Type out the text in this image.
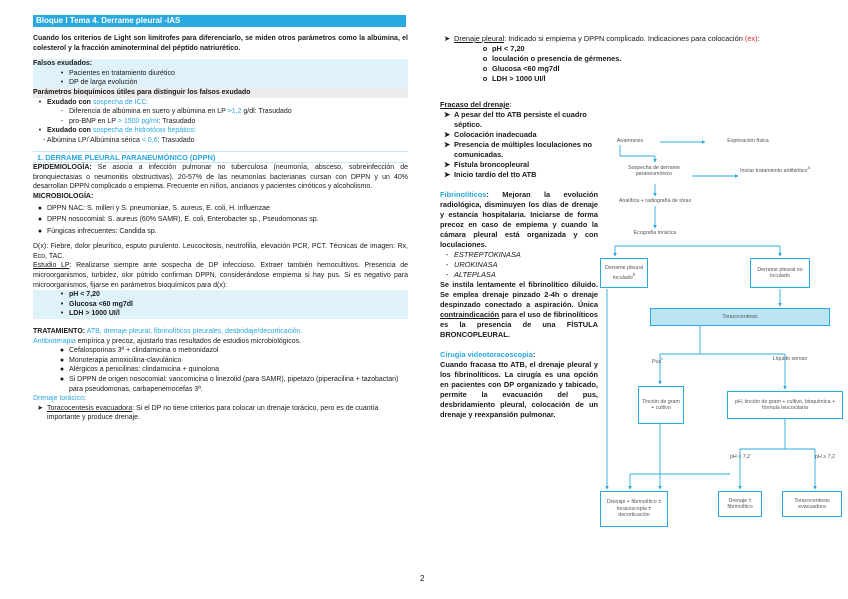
Bloque I Tema 4. Derrame pleural -IAS

Cuando los criterios de Light son limítrofes para diferenciarlo, se miden otros parámetros como la albúmina, el colesterol y la fracción aminoterminal del péptido natriurético.

Falsos exudados:
• Pacientes en tratamiento diurético
• DP de larga evolución
Parámetros bioquímicos útiles para distinguir los falsos exudado
• Exudado con sospecha de ICC:
- Diferencia de albúmina en suero y albúmina en LP >1,2 g/dl: Trasudado
- pro-BNP en LP > 1500 pg/ml: Trasudado
• Exudado con sospecha de hidrotórax hepático:
- Albúmina LP/ Albúmina sérica < 0,6: Trasudado
1. DERRAME PLEURAL PARANEUMÓNICO (DPPN)

EPIDEMIOLOGÍA: Se asocia a infección pulmonar no tuberculosa (neumonía, absceso, sobreinfección de bronquiectasias o neumonitis obstructivas). 20-57% de las neumonías bacterianas cursan con DPPN y un 40% desarrollan DPPN complicado o empiema. Frecuente en niños, ancianos y pacientes cirróticos y alcoholismo.

MICROBIOLOGÍA:
● DPPN NAC: S. milleri y S. pneumoniae, S. aureus, E. coli, H. influenzae
● DPPN nosocomial: S. aureus (60% SAMR), E. coli, Enterobacter sp., Pseudomonas sp.
● Fúngicas infrecuentes: Candida sp.

D(x): Fiebre, dolor pleurítico, esputo purulento. Leucocitosis, neutrofilia, elevación PCR, PCT. Técnicas de imagen: Rx, Eco, TAC.

Estudio LP: Realizarse siempre ante sospecha de DP infeccioso. Extraer también hemocultivos. Presencia de microorganismos, turbidez, olor pútrido confirman DPPN, considerándose empiema si hay pus. Si es negativo para microorganismos, fijarse en parámetros bioquímicos para d(x):

• pH < 7,20
• Glucosa <60 mg7dl
• LDH > 1000 UI/l

TRATAMIENTO: ATB, drenaje pleural, fibrinolíticos pleurales, desbridaje/decorticación.

Antibioterapia empírica y precoz, ajustarlo tras resultados de estudios microbiológicos.

● Cefalosporinas 3ª + clindamicina o metronidazol
● Monoterapia amoxicilina-clavulánico
● Alérgicos a penicilinas: clindamicina + quinolona
● Si DPPN de origen nosocomial: vancomicina o linezolid (para SAMR), pipetazo (piperacilina + tazobactan) para pseudomonas, carbapenemocefas 3ª.
Drenaje torácico:
➤ Toracocentesis evacuadora: Si el DP no tiene criterios para colocar un drenaje torácico, pero es de cuantía importante y produce drenaje.
➤ Drenaje pleural: Indicado si empiema y DPPN complicado. Indicaciones para colocación (ex):
o pH < 7,20
o loculación o presencia de gérmenes.
o Glucosa <60 mg7dl
o LDH > 1000 UI/l
Fracaso del drenaje:
➤ A pesar del tto ATB persiste el cuadro séptico.
➤ Colocación inadecuada
➤ Presencia de múltiples loculaciones no comunicadas.
➤ Fístula broncopleural
➤ Inicio tardío del tto ATB

Fibrinolíticos: Mejoran la evolución radiológica, disminuyen los días de drenaje y estancia hospitalaria. Iniciarse de forma precoz en caso de empiema y cuando la cámara pleural está organizada y con loculaciones.

- ESTREPTOKINASA
- UROKINASA
- ALTEPLASA

Se instila lentamente el fibrinolítico diluido. Se emplea drenaje pinzado 2-4h o drenaje despinzado conectado a aspiración. Única contraindicación para el uso de fibrinolíticos es la presencia de una FÍSTULA BRONCOPLEURAL.

Cirugía videotoracoscopia:

Cuando fracasa tto ATB, el drenaje pleural y los fibrinolíticos. La cirugía es una opción en pacientes con DP organizado y tabicado, permite la evacuación del pus, desbridamiento pleural, colocación de un drenaje y reexpansión pulmonar.

Anamnesis	Exploración física
Sospecha de derrame paraneumónico
Iniciar tratamiento antibiótico$^a$
Analítica + radiografía de tórax
Ecografía torácica
Derrame pleural loculado$^b$
Derrame pleural no loculado
Toracocentesis
Pus$^c$	Líquido seroso
Tinción de gram + cultivo
pH, tinción de gram + cultivo, bioquímica + fórmula leucocitaria
pH < 7,2	pH ≥ 7,2
Drenaje + fibrinolítico ± toracoscopia ± decorticación
Drenaje ± fibrinolítico
Toracocentesis evacuadora
2
